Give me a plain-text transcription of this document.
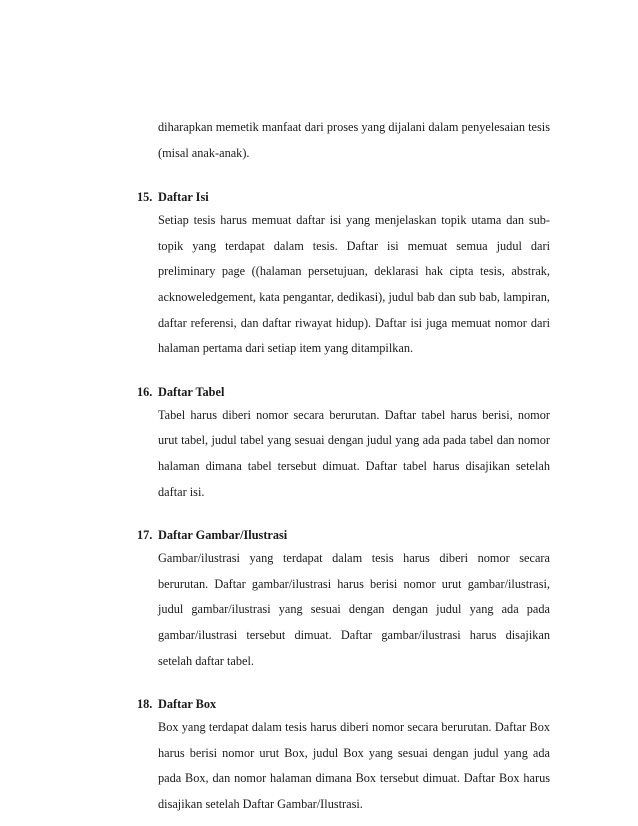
diharapkan memetik manfaat dari proses yang dijalani dalam penyelesaian tesis (misal anak-anak).

15. Daftar Isi

Setiap tesis harus memuat daftar isi yang menjelaskan topik utama dan sub-topik yang terdapat dalam tesis. Daftar isi memuat semua judul dari preliminary page ((halaman persetujuan, deklarasi hak cipta tesis, abstrak, acknoweledgement, kata pengantar, dedikasi), judul bab dan sub bab, lampiran, daftar referensi, dan daftar riwayat hidup). Daftar isi juga memuat nomor dari halaman pertama dari setiap item yang ditampilkan.

16. Daftar Tabel

Tabel harus diberi nomor secara berurutan. Daftar tabel harus berisi, nomor urut tabel, judul tabel yang sesuai dengan judul yang ada pada tabel dan nomor halaman dimana tabel tersebut dimuat. Daftar tabel harus disajikan setelah daftar isi.

17. Daftar Gambar/Ilustrasi

Gambar/ilustrasi yang terdapat dalam tesis harus diberi nomor secara berurutan. Daftar gambar/ilustrasi harus berisi nomor urut gambar/ilustrasi, judul gambar/ilustrasi yang sesuai dengan dengan judul yang ada pada gambar/ilustrasi tersebut dimuat. Daftar gambar/ilustrasi harus disajikan setelah daftar tabel.

18. Daftar Box

Box yang terdapat dalam tesis harus diberi nomor secara berurutan. Daftar Box harus berisi nomor urut Box, judul Box yang sesuai dengan judul yang ada pada Box, dan nomor halaman dimana Box tersebut dimuat. Daftar Box harus disajikan setelah Daftar Gambar/Ilustrasi.
